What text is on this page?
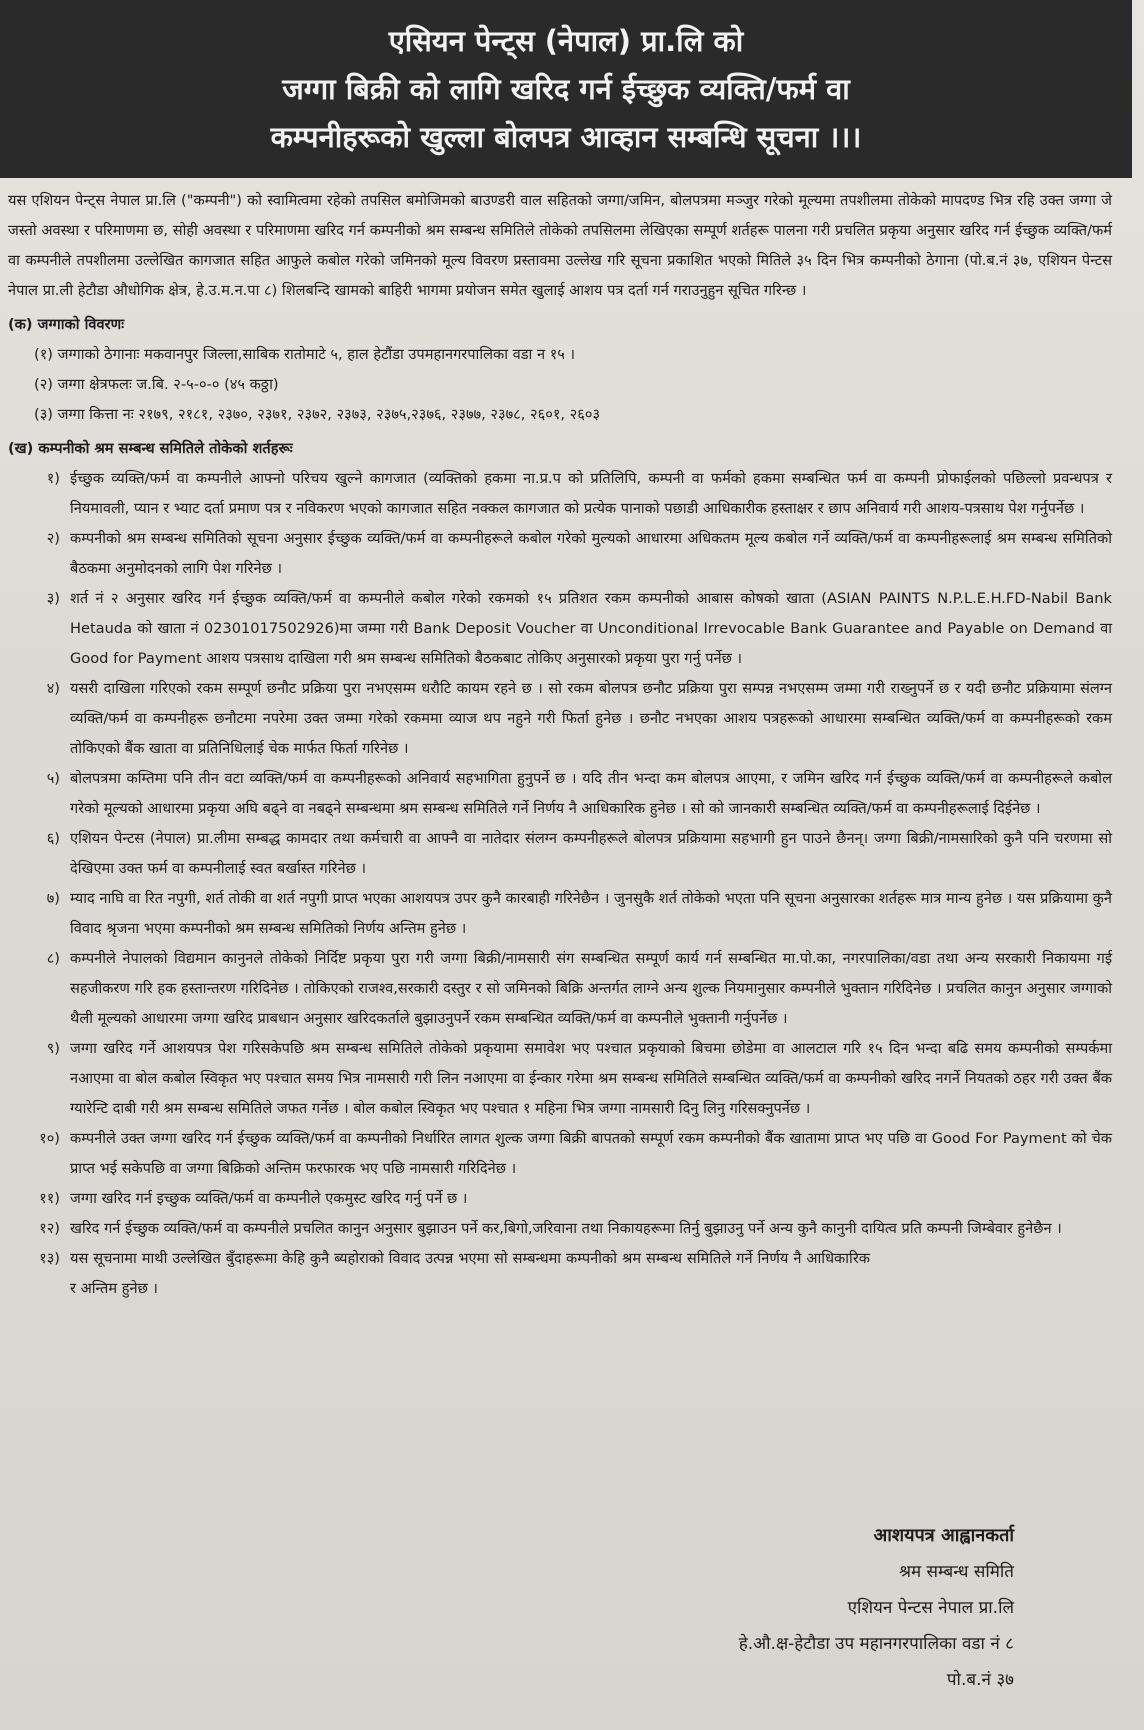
एसियन पेन्ट्स (नेपाल) प्रा.लि को
जग्गा बिक्री को लागि खरिद गर्न ईच्छुक व्यक्ति/फर्म वा
कम्पनीहरूको खुल्ला बोलपत्र आव्हान सम्बन्धि सूचना ।।।

यस एशियन पेन्ट्स नेपाल प्रा.लि ("कम्पनी") को स्वामित्वमा रहेको तपसिल बमोजिमको बाउण्डरी वाल सहितको जग्गा/जमिन, बोलपत्रमा मञ्जुर गरेको मूल्यमा तपशीलमा तोकेको मापदण्ड भित्र रहि उक्त जग्गा जे जस्तो अवस्था र परिमाणमा छ, सोही अवस्था र परिमाणमा खरिद गर्न कम्पनीको श्रम सम्बन्ध समितिले तोकेको तपसिलमा लेखिएका सम्पूर्ण शर्तहरू पालना गरी प्रचलित प्रकृया अनुसार खरिद गर्न ईच्छुक व्यक्ति/फर्म वा कम्पनीले तपशीलमा उल्लेखित कागजात सहित आफुले कबोल गरेको जमिनको मूल्य विवरण प्रस्तावमा उल्लेख गरि सूचना प्रकाशित भएको मितिले ३५ दिन भित्र कम्पनीको ठेगाना (पो.ब.नं ३७, एशियन पेन्टस नेपाल प्रा.ली हेटौडा औधोगिक क्षेत्र, हे.उ.म.न.पा ८) शिलबन्दि खामको बाहिरी भागमा प्रयोजन समेत खुलाई आशय पत्र दर्ता गर्न गराउनुहुन सूचित गरिन्छ ।

(क) जग्गाको विवरणः
(१) जग्गाको ठेगानाः मकवानपुर जिल्ला,साबिक रातोमाटे ५, हाल हेटौंडा उपमहानगरपालिका वडा न १५ ।
(२) जग्गा क्षेत्रफलः ज.बि. २-५-०-० (४५ कठ्ठा)
(३) जग्गा कित्ता नः २१७९, २१८१, २३७०, २३७१, २३७२, २३७३, २३७५,२३७६, २३७७, २३७८, २६०१, २६०३
(ख) कम्पनीको श्रम सम्बन्ध समितिले तोकेको शर्तहरूः
१) ईच्छुक व्यक्ति/फर्म वा कम्पनीले आफ्नो परिचय खुल्ने कागजात (व्यक्तिको हकमा ना.प्र.प को प्रतिलिपि, कम्पनी वा फर्मको हकमा सम्बन्धित फर्म वा कम्पनी प्रोफाईलको पछिल्लो प्रवन्धपत्र र नियमावली, प्यान र भ्याट दर्ता प्रमाण पत्र र नविकरण भएको कागजात सहित नक्कल कागजात को प्रत्येक पानाको पछाडी आधिकारीक हस्ताक्षर र छाप अनिवार्य गरी आशय-पत्रसाथ पेश गर्नुपर्नेछ ।
२) कम्पनीको श्रम सम्बन्ध समितिको सूचना अनुसार ईच्छुक व्यक्ति/फर्म वा कम्पनीहरूले कबोल गरेको मुल्यको आधारमा अधिकतम मूल्य कबोल गर्ने व्यक्ति/फर्म वा कम्पनीहरूलाई श्रम सम्बन्ध समितिको बैठकमा अनुमोदनको लागि पेश गरिनेछ ।
३) शर्त नं २ अनुसार खरिद गर्न ईच्छुक व्यक्ति/फर्म वा कम्पनीले कबोल गरेको रकमको १५ प्रतिशत रकम कम्पनीको आबास कोषको खाता (ASIAN PAINTS N.P.L.E.H.FD-Nabil Bank Hetauda को खाता नं 02301017502926)मा जम्मा गरी Bank Deposit Voucher वा Unconditional Irrevocable Bank Guarantee and Payable on Demand वा Good for Payment आशय पत्रसाथ दाखिला गरी श्रम सम्बन्ध समितिको बैठकबाट तोकिए अनुसारको प्रकृया पुरा गर्नु पर्नेछ ।
४) यसरी दाखिला गरिएको रकम सम्पूर्ण छनौट प्रक्रिया पुरा नभएसम्म धरौटि कायम रहने छ । सो रकम बोलपत्र छनौट प्रक्रिया पुरा सम्पन्न नभएसम्म जम्मा गरी राख्नुपर्ने छ र यदी छनौट प्रक्रियामा संलग्न व्यक्ति/फर्म वा कम्पनीहरू छनौटमा नपरेमा उक्त जम्मा गरेको रकममा व्याज थप नहुने गरी फिर्ता हुनेछ । छनौट नभएका आशय पत्रहरूको आधारमा सम्बन्धित व्यक्ति/फर्म वा कम्पनीहरूको रकम तोकिएको बैंक खाता वा प्रतिनिधिलाई चेक मार्फत फिर्ता गरिनेछ ।
५) बोलपत्रमा कम्तिमा पनि तीन वटा व्यक्ति/फर्म वा कम्पनीहरूको अनिवार्य सहभागिता हुनुपर्ने छ । यदि तीन भन्दा कम बोलपत्र आएमा, र जमिन खरिद गर्न ईच्छुक व्यक्ति/फर्म वा कम्पनीहरूले कबोल गरेको मूल्यको आधारमा प्रकृया अघि बढ्ने वा नबढ्ने सम्बन्धमा श्रम सम्बन्ध समितिले गर्ने निर्णय नै आधिकारिक हुनेछ । सो को जानकारी सम्बन्धित व्यक्ति/फर्म वा कम्पनीहरूलाई दिईनेछ ।
६) एशियन पेन्टस (नेपाल) प्रा.लीमा सम्बद्ध कामदार तथा कर्मचारी वा आफ्नै वा नातेदार संलग्न कम्पनीहरूले बोलपत्र प्रक्रियामा सहभागी हुन पाउने छैनन्। जग्गा बिक्री/नामसारिको कुनै पनि चरणमा सो देखिएमा उक्त फर्म वा कम्पनीलाई स्वत बर्खास्त गरिनेछ ।
७) म्याद नाघि वा रित नपुगी, शर्त तोकी वा शर्त नपुगी प्राप्त भएका आशयपत्र उपर कुनै कारबाही गरिनेछैन । जुनसुकै शर्त तोकेको भएता पनि सूचना अनुसारका शर्तहरू मात्र मान्य हुनेछ । यस प्रक्रियामा कुनै विवाद श्रृजना भएमा कम्पनीको श्रम सम्बन्ध समितिको निर्णय अन्तिम हुनेछ ।
८) कम्पनीले नेपालको विद्यमान कानुनले तोकेको निर्दिष्ट प्रकृया पुरा गरी जग्गा बिक्री/नामसारी संग सम्बन्धित सम्पूर्ण कार्य गर्न सम्बन्धित मा.पो.का, नगरपालिका/वडा तथा अन्य सरकारी निकायमा गई सहजीकरण गरि हक हस्तान्तरण गरिदिनेछ । तोकिएको राजश्व,सरकारी दस्तुर र सो जमिनको बिक्रि अन्तर्गत लाग्ने अन्य शुल्क नियमानुसार कम्पनीले भुक्तान गरिदिनेछ । प्रचलित कानुन अनुसार जग्गाको थैली मूल्यको आधारमा जग्गा खरिद प्राबधान अनुसार खरिदकर्ताले बुझाउनुपर्ने रकम सम्बन्धित व्यक्ति/फर्म वा कम्पनीले भुक्तानी गर्नुपर्नेछ ।
९) जग्गा खरिद गर्ने आशयपत्र पेश गरिसकेपछि श्रम सम्बन्ध समितिले तोकेको प्रकृयामा समावेश भए पश्चात प्रकृयाको बिचमा छोडेमा वा आलटाल गरि १५ दिन भन्दा बढि समय कम्पनीको सम्पर्कमा नआएमा वा बोल कबोल स्विकृत भए पश्चात समय भित्र नामसारी गरी लिन नआएमा वा ईन्कार गरेमा श्रम सम्बन्ध समितिले सम्बन्धित व्यक्ति/फर्म वा कम्पनीको खरिद नगर्ने नियतको ठहर गरी उक्त बैंक ग्यारेन्टि दाबी गरी श्रम सम्बन्ध समितिले जफत गर्नेछ । बोल कबोल स्विकृत भए पश्चात १ महिना भित्र जग्गा नामसारी दिनु लिनु गरिसक्नुपर्नेछ ।
१०) कम्पनीले उक्त जग्गा खरिद गर्न ईच्छुक व्यक्ति/फर्म वा कम्पनीको निर्धारित लागत शुल्क जग्गा बिक्री बापतको सम्पूर्ण रकम कम्पनीको बैंक खातामा प्राप्त भए पछि वा Good For Payment को चेक प्राप्त भई सकेपछि वा जग्गा बिक्रिको अन्तिम फरफारक भए पछि नामसारी गरिदिनेछ ।
११) जग्गा खरिद गर्न इच्छुक व्यक्ति/फर्म वा कम्पनीले एकमुस्ट खरिद गर्नु पर्ने छ ।
१२) खरिद गर्न ईच्छुक व्यक्ति/फर्म वा कम्पनीले प्रचलित कानुन अनुसार बुझाउन पर्ने कर,बिगो,जरिवाना तथा निकायहरूमा तिर्नु बुझाउनु पर्ने अन्य कुनै कानुनी दायित्व प्रति कम्पनी जिम्बेवार हुनेछैन ।
१३) यस सूचनामा माथी उल्लेखित बुँदाहरूमा केहि कुनै ब्यहोराको विवाद उत्पन्न भएमा सो सम्बन्धमा कम्पनीको श्रम सम्बन्ध समितिले गर्ने निर्णय नै आधिकारिक र अन्तिम हुनेछ ।
आशयपत्र आह्वानकर्ता
श्रम सम्बन्ध समिति
एशियन पेन्टस नेपाल प्रा.लि
हे.औ.क्ष-हेटौडा उप महानगरपालिका वडा नं ८
पो.ब.नं ३७
